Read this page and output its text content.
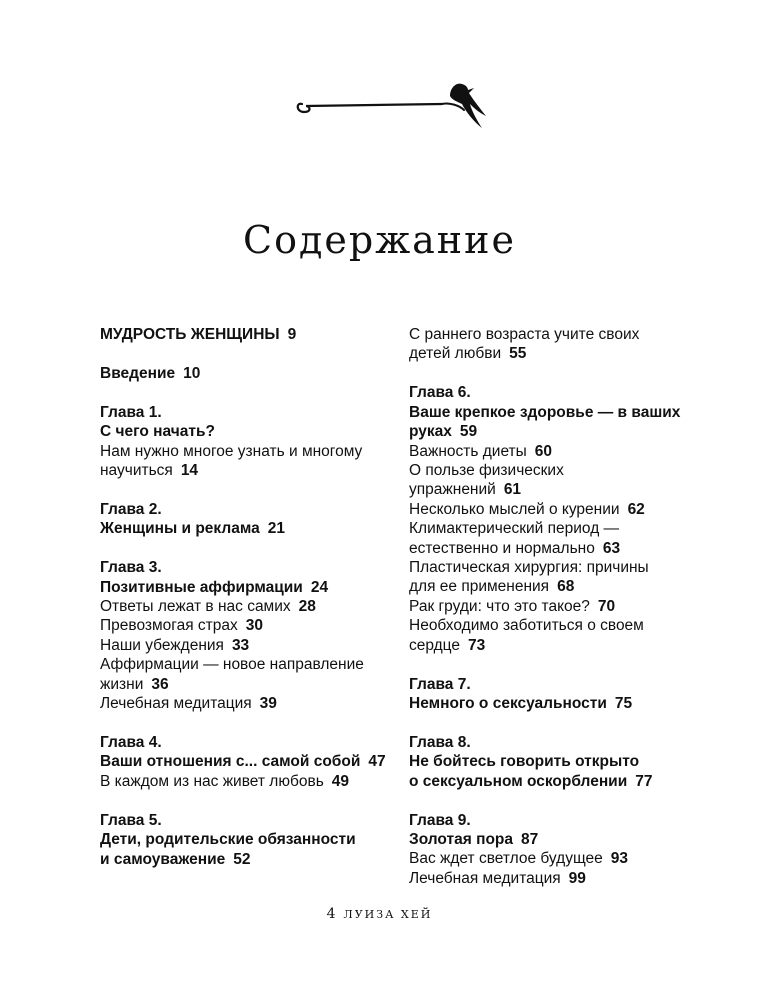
Содержание
МУДРОСТЬ ЖЕНЩИНЫ 9
Введение 10
Глава 1.
С чего начать?
Нам нужно многое узнать и многому
научиться 14
Глава 2.
Женщины и реклама 21
Глава 3.
Позитивные аффирмации 24
Ответы лежат в нас самих 28
Превозмогая страх 30
Наши убеждения 33
Аффирмации — новое направление
жизни 36
Лечебная медитация 39
Глава 4.
Ваши отношения с... самой собой 47
В каждом из нас живет любовь 49
Глава 5.
Дети, родительские обязанности
и самоуважение 52
С раннего возраста учите своих
детей любви 55
Глава 6.
Ваше крепкое здоровье — в ваших
руках 59
Важность диеты 60
О пользе физических
упражнений 61
Несколько мыслей о курении 62
Климактерический период —
естественно и нормально 63
Пластическая хирургия: причины
для ее применения 68
Рак груди: что это такое? 70
Необходимо заботиться о своем
сердце 73
Глава 7.
Немного о сексуальности 75
Глава 8.
Не бойтесь говорить открыто
о сексуальном оскорблении 77
Глава 9.
Золотая пора 87
Вас ждет светлое будущее 93
Лечебная медитация 99
4 ЛУИЗА ХЕЙ
